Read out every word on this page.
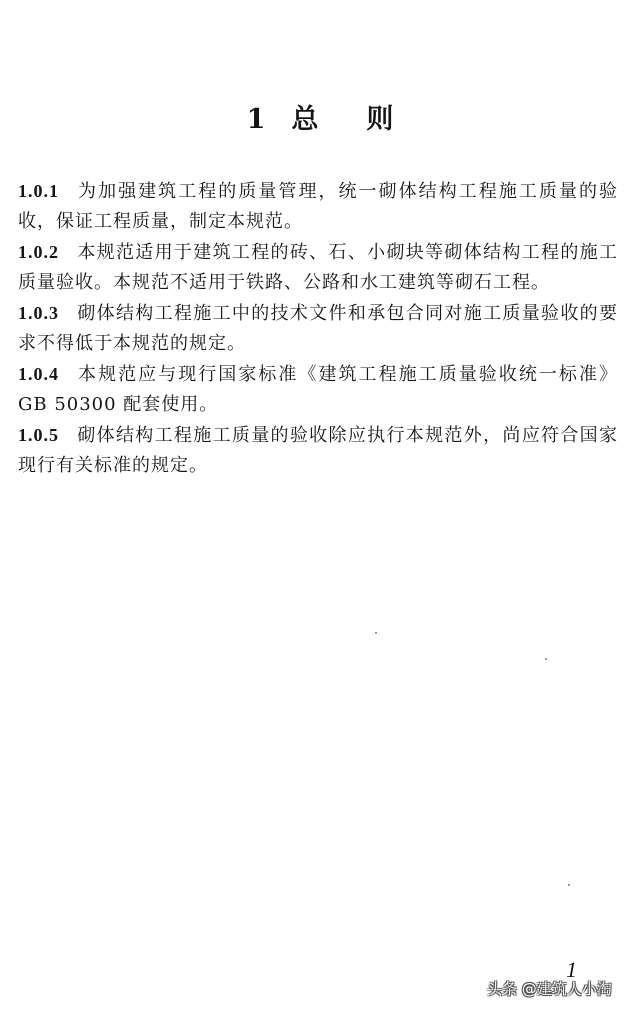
1 总 则

1.0.1 为加强建筑工程的质量管理，统一砌体结构工程施工质量的验收，保证工程质量，制定本规范。

1.0.2 本规范适用于建筑工程的砖、石、小砌块等砌体结构工程的施工质量验收。本规范不适用于铁路、公路和水工建筑等砌石工程。

1.0.3 砌体结构工程施工中的技术文件和承包合同对施工质量验收的要求不得低于本规范的规定。

1.0.4 本规范应与现行国家标准《建筑工程施工质量验收统一标准》GB 50300 配套使用。

1.0.5 砌体结构工程施工质量的验收除应执行本规范外，尚应符合国家现行有关标准的规定。

1
头条 @建筑人小淘
